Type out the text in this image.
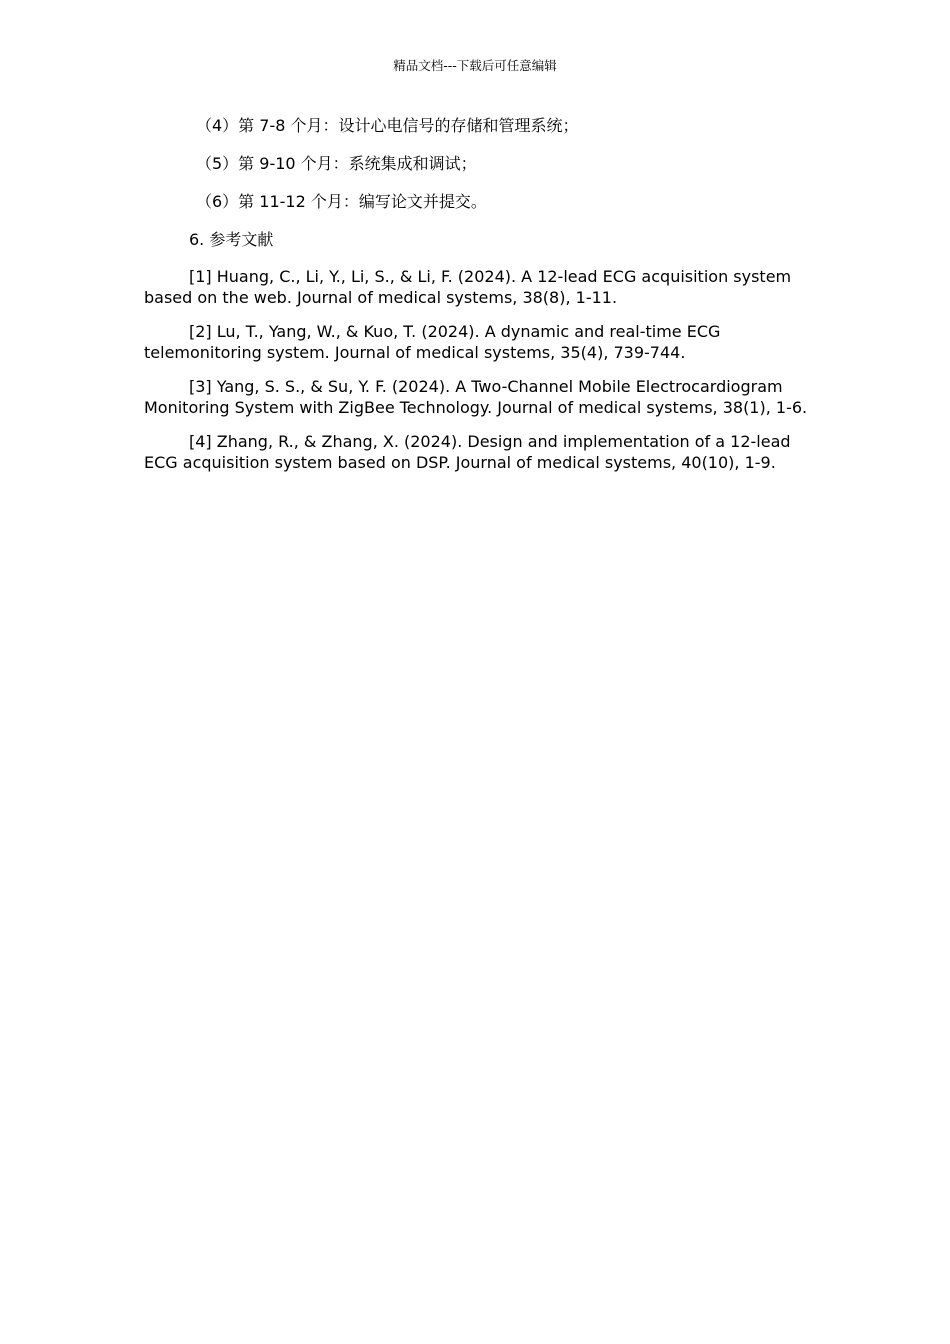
精品文档---下载后可任意编辑

（4）第 7-8 个月：设计心电信号的存储和管理系统；

（5）第 9-10 个月：系统集成和调试；

（6）第 11-12 个月：编写论文并提交。

6. 参考文献

[1] Huang, C., Li, Y., Li, S., & Li, F. (2024). A 12-lead ECG acquisition system based on the web. Journal of medical systems, 38(8), 1-11.

[2] Lu, T., Yang, W., & Kuo, T. (2024). A dynamic and real-time ECG telemonitoring system. Journal of medical systems, 35(4), 739-744.

[3] Yang, S. S., & Su, Y. F. (2024). A Two-Channel Mobile Electrocardiogram Monitoring System with ZigBee Technology. Journal of medical systems, 38(1), 1-6.

[4] Zhang, R., & Zhang, X. (2024). Design and implementation of a 12-lead ECG acquisition system based on DSP. Journal of medical systems, 40(10), 1-9.
